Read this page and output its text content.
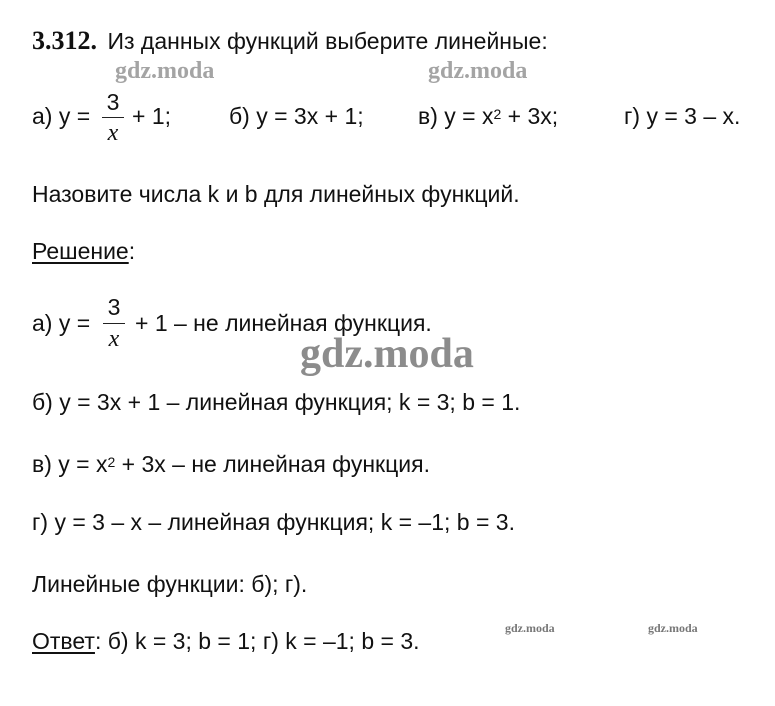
gdz.moda	gdz.moda
gdz.moda
gdz.moda	gdz.moda
3.312. Из данных функций выберите линейные:
а) у =
3
x
+ 1;	б) у = 3х + 1; в) $у = х^2 + 3х$;	г) у = 3 – х.
Назовите числа k и b для линейных функций.
Решение:
а) у =
3
x
+ 1 – не линейная функция.
б) у = 3х + 1 – линейная функция; k = 3; b = 1.
в) $у = х^2 + 3х$ – не линейная функция.
г) у = 3 – х – линейная функция; k = –1; b = 3.
Линейные функции: б); г).
Ответ: б) k = 3; b = 1; г) k = –1; b = 3.
